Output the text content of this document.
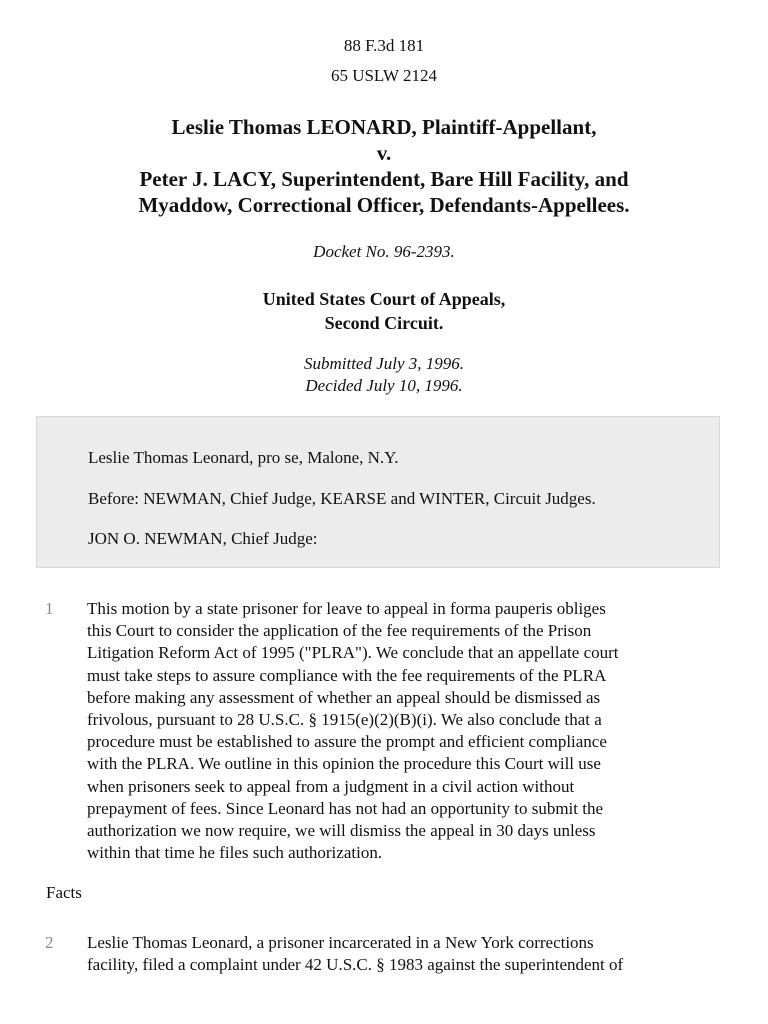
88 F.3d 181
65 USLW 2124
Leslie Thomas LEONARD, Plaintiff-Appellant,
v.
Peter J. LACY, Superintendent, Bare Hill Facility, and
Myaddow, Correctional Officer, Defendants-Appellees.
Docket No. 96-2393.
United States Court of Appeals,
Second Circuit.
Submitted July 3, 1996.
Decided July 10, 1996.
Leslie Thomas Leonard, pro se, Malone, N.Y.
Before: NEWMAN, Chief Judge, KEARSE and WINTER, Circuit Judges.
JON O. NEWMAN, Chief Judge:
1 This motion by a state prisoner for leave to appeal in forma pauperis obliges
this Court to consider the application of the fee requirements of the Prison
Litigation Reform Act of 1995 ("PLRA"). We conclude that an appellate court
must take steps to assure compliance with the fee requirements of the PLRA
before making any assessment of whether an appeal should be dismissed as
frivolous, pursuant to 28 U.S.C. § 1915(e)(2)(B)(i). We also conclude that a
procedure must be established to assure the prompt and efficient compliance
with the PLRA. We outline in this opinion the procedure this Court will use
when prisoners seek to appeal from a judgment in a civil action without
prepayment of fees. Since Leonard has not had an opportunity to submit the
authorization we now require, we will dismiss the appeal in 30 days unless
within that time he files such authorization.
Facts
2 Leslie Thomas Leonard, a prisoner incarcerated in a New York corrections
facility, filed a complaint under 42 U.S.C. § 1983 against the superintendent of
